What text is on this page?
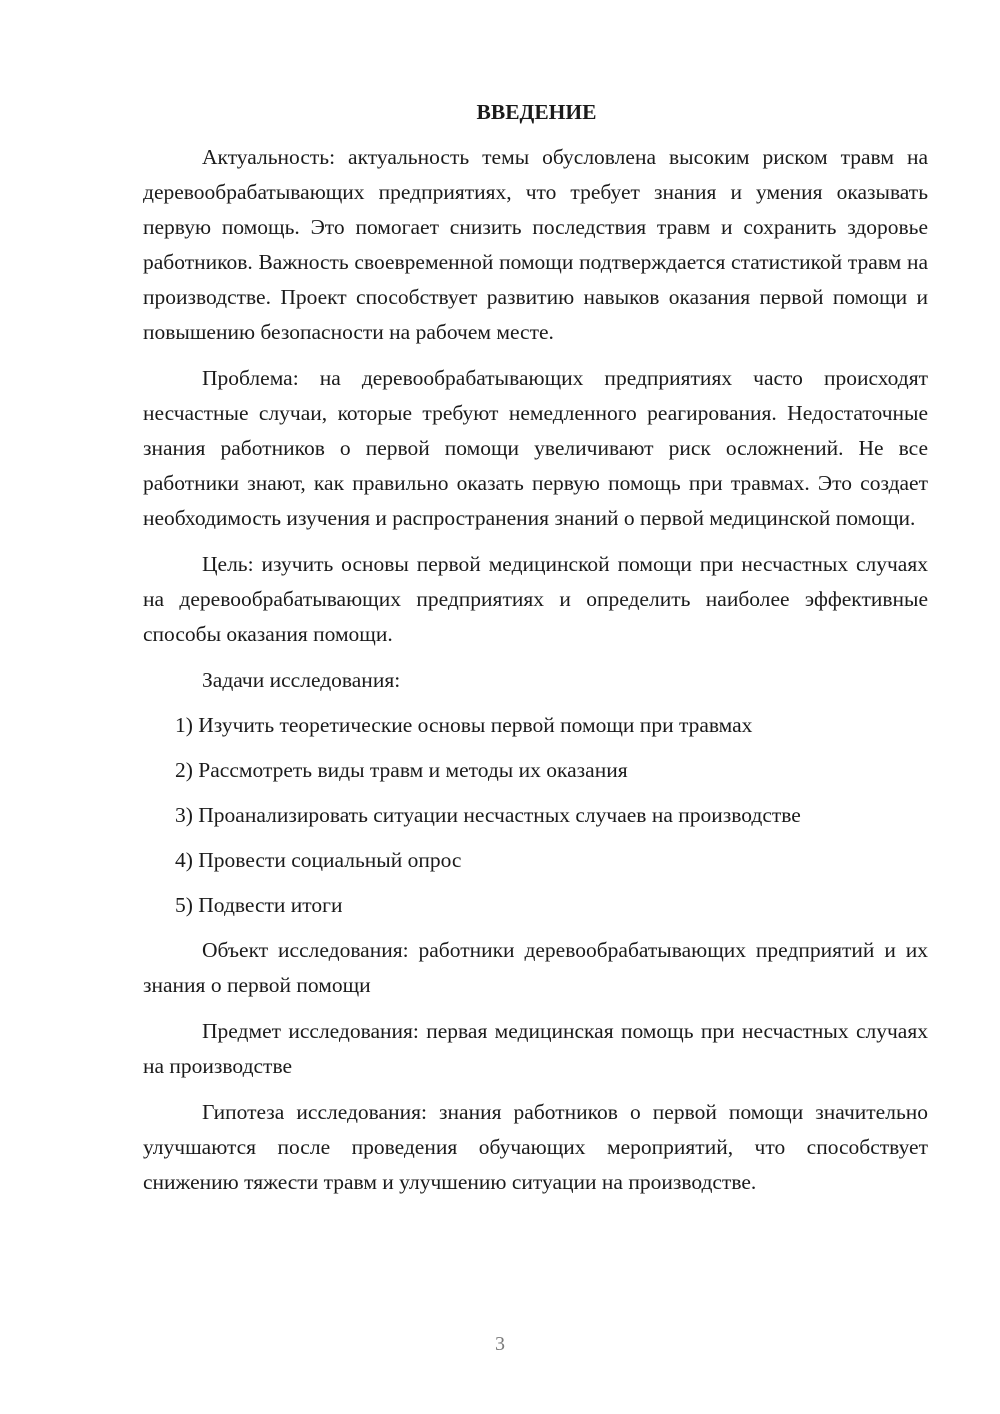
ВВЕДЕНИЕ

Актуальность: актуальность темы обусловлена высоким риском травм на деревообрабатывающих предприятиях, что требует знания и умения оказывать первую помощь. Это помогает снизить последствия травм и сохранить здоровье работников. Важность своевременной помощи подтверждается статистикой травм на производстве. Проект способствует развитию навыков оказания первой помощи и повышению безопасности на рабочем месте.

Проблема: на деревообрабатывающих предприятиях часто происходят несчастные случаи, которые требуют немедленного реагирования. Недостаточные знания работников о первой помощи увеличивают риск осложнений. Не все работники знают, как правильно оказать первую помощь при травмах. Это создает необходимость изучения и распространения знаний о первой медицинской помощи.

Цель: изучить основы первой медицинской помощи при несчастных случаях на деревообрабатывающих предприятиях и определить наиболее эффективные способы оказания помощи.

Задачи исследования:

1) Изучить теоретические основы первой помощи при травмах
2) Рассмотреть виды травм и методы их оказания
3) Проанализировать ситуации несчастных случаев на производстве
4) Провести социальный опрос
5) Подвести итоги

Объект исследования: работники деревообрабатывающих предприятий и их знания о первой помощи

Предмет исследования: первая медицинская помощь при несчастных случаях на производстве

Гипотеза исследования: знания работников о первой помощи значительно улучшаются после проведения обучающих мероприятий, что способствует снижению тяжести травм и улучшению ситуации на производстве.

3
